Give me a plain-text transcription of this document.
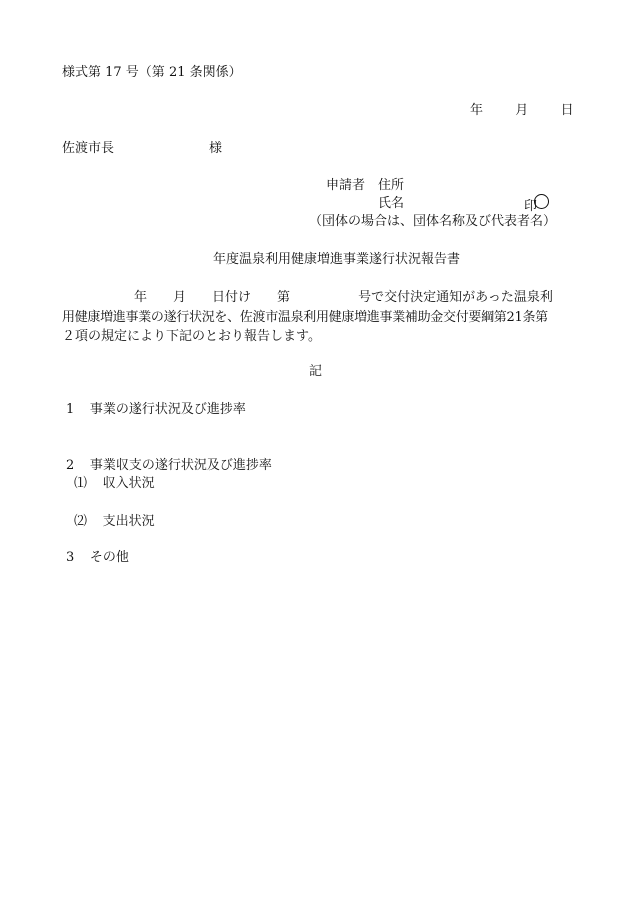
様式第 17 号（第 21 条関係）
年 月 日
佐渡市長	様
申請者 住所
氏名	印
（団体の場合は、団体名称及び代表者名）
年度温泉利用健康増進事業遂行状況報告書
年 月 日付け 第	号で交付決定通知があった温泉利
用健康増進事業の遂行状況を、佐渡市温泉利用健康増進事業補助金交付要綱第21条第
２項の規定により下記のとおり報告します。
記
1 事業の遂行状況及び進捗率
2 事業収支の遂行状況及び進捗率
⑴ 収入状況
⑵ 支出状況
3 その他
